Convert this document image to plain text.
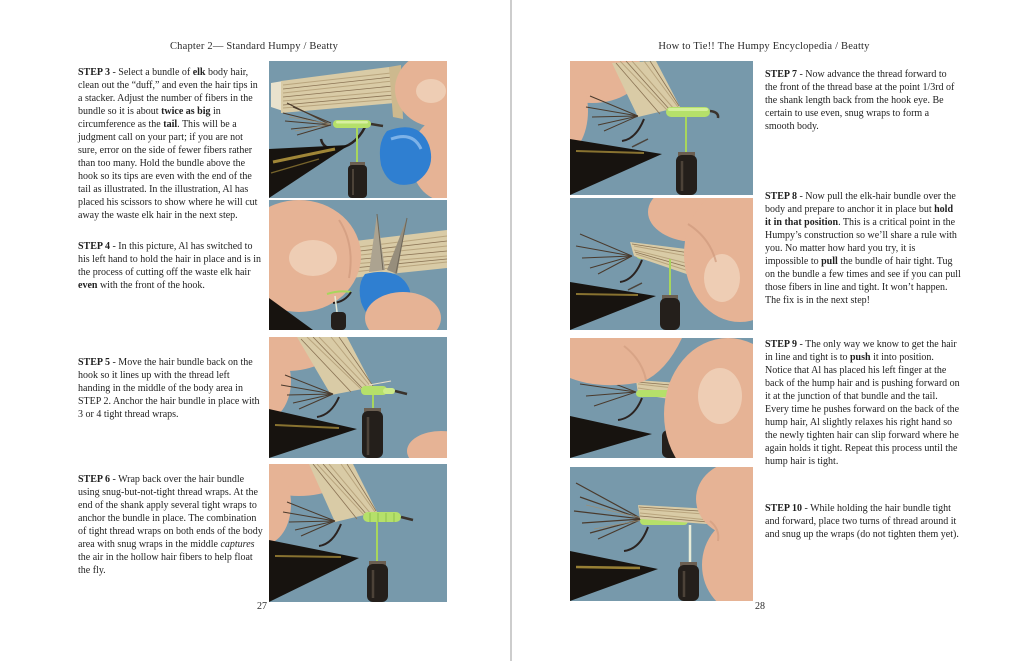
Chapter 2— Standard Humpy / Beatty
STEP 3 - Select a bundle of elk body hair, clean out the “duff,” and even the hair tips in a stacker. Adjust the number of fibers in the bundle so it is about twice as big in circumference as the tail. This will be a judgment call on your part; if you are not sure, error on the side of fewer fibers rather than too many. Hold the bundle above the hook so its tips are even with the end of the tail as illustrated. In the illustration, Al has placed his scissors to show where he will cut away the waste elk hair in the next step.
STEP 4 - In this picture, Al has switched to his left hand to hold the hair in place and is in the process of cutting off the waste elk hair even with the front of the hook.
STEP 5 - Move the hair bundle back on the hook so it lines up with the thread left handing in the middle of the body area in STEP 2. Anchor the hair bundle in place with 3 or 4 tight thread wraps.
STEP 6 - Wrap back over the hair bundle using snug-but-not-tight thread wraps. At the end of the shank apply several tight wraps to anchor the bundle in place. The combination of tight thread wraps on both ends of the body area with snug wraps in the middle captures the air in the hollow hair fibers to help float the fly.
27
How to Tie!! The Humpy Encyclopedia / Beatty
STEP 7 - Now advance the thread forward to the front of the thread base at the point 1/3rd of the shank length back from the hook eye. Be certain to use even, snug wraps to form a smooth body.
STEP 8 - Now pull the elk-hair bundle over the body and prepare to anchor it in place but hold it in that position. This is a critical point in the Humpy’s construction so we’ll share a rule with you. No matter how hard you try, it is impossible to pull the bundle of hair tight. Tug on the bundle a few times and see if you can pull those fibers in line and tight. It won’t happen. The fix is in the next step!
STEP 9 - The only way we know to get the hair in line and tight is to push it into position. Notice that Al has placed his left finger at the back of the hump hair and is pushing forward on it at the junction of that bundle and the tail. Every time he pushes forward on the back of the hump hair, Al slightly relaxes his right hand so the newly tighten hair can slip forward where he again holds it tight. Repeat this process until the hump hair is tight.
STEP 10 - While holding the hair bundle tight and forward, place two turns of thread around it and snug up the wraps (do not tighten them yet).
28
